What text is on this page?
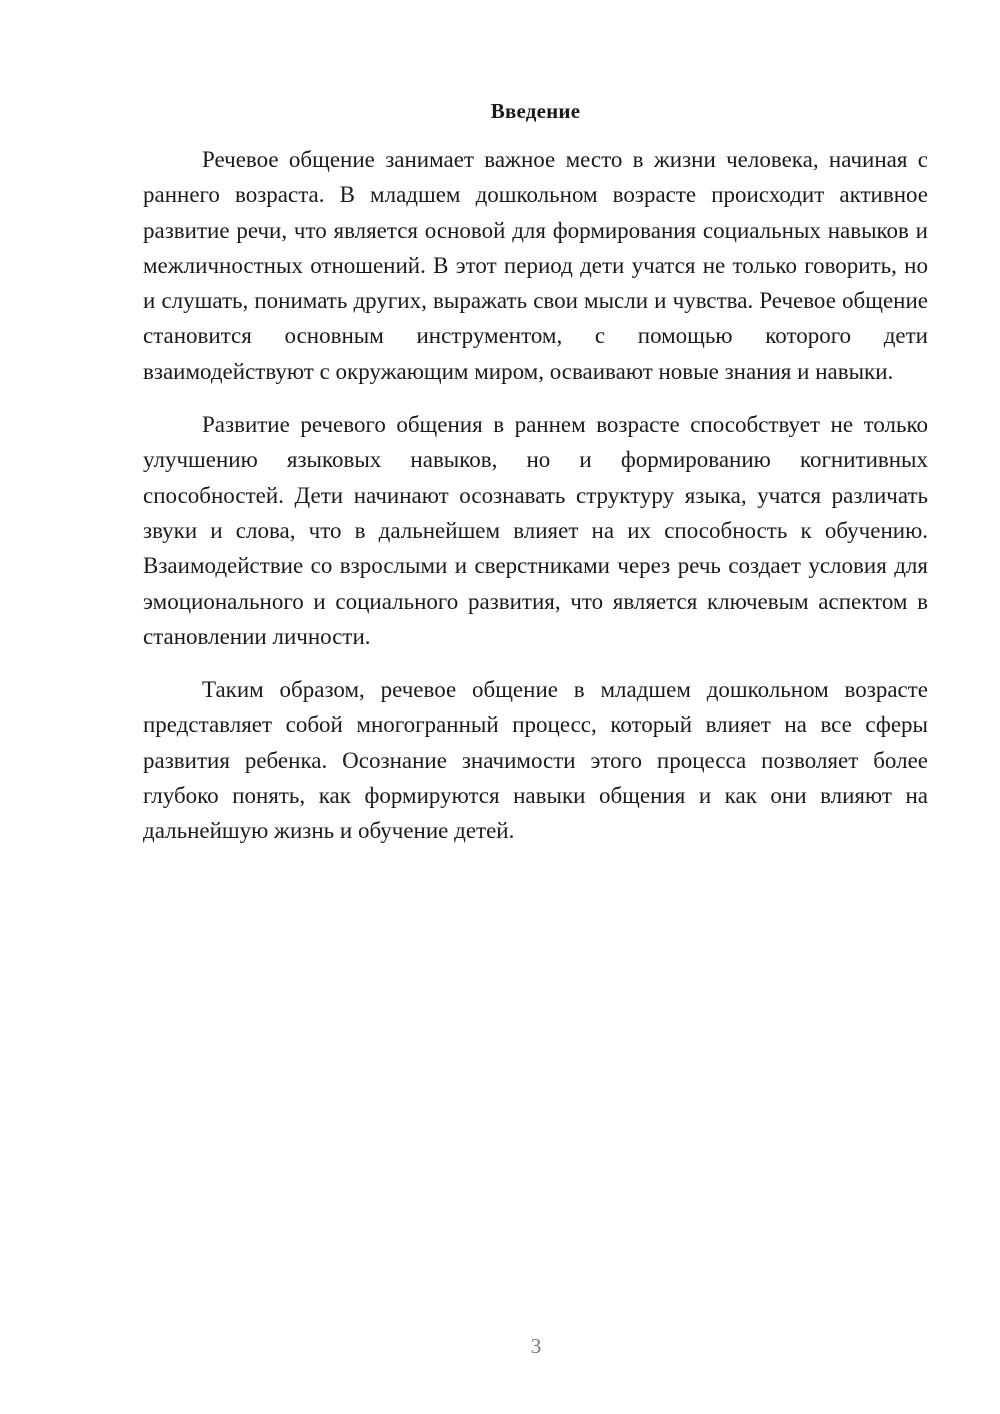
Введение

Речевое общение занимает важное место в жизни человека, начиная с раннего возраста. В младшем дошкольном возрасте происходит активное развитие речи, что является основой для формирования социальных навыков и межличностных отношений. В этот период дети учатся не только говорить, но и слушать, понимать других, выражать свои мысли и чувства. Речевое общение становится основным инструментом, с помощью которого дети взаимодействуют с окружающим миром, осваивают новые знания и навыки.

Развитие речевого общения в раннем возрасте способствует не только улучшению языковых навыков, но и формированию когнитивных способностей. Дети начинают осознавать структуру языка, учатся различать звуки и слова, что в дальнейшем влияет на их способность к обучению. Взаимодействие со взрослыми и сверстниками через речь создает условия для эмоционального и социального развития, что является ключевым аспектом в становлении личности.

Таким образом, речевое общение в младшем дошкольном возрасте представляет собой многогранный процесс, который влияет на все сферы развития ребенка. Осознание значимости этого процесса позволяет более глубоко понять, как формируются навыки общения и как они влияют на дальнейшую жизнь и обучение детей.

3
